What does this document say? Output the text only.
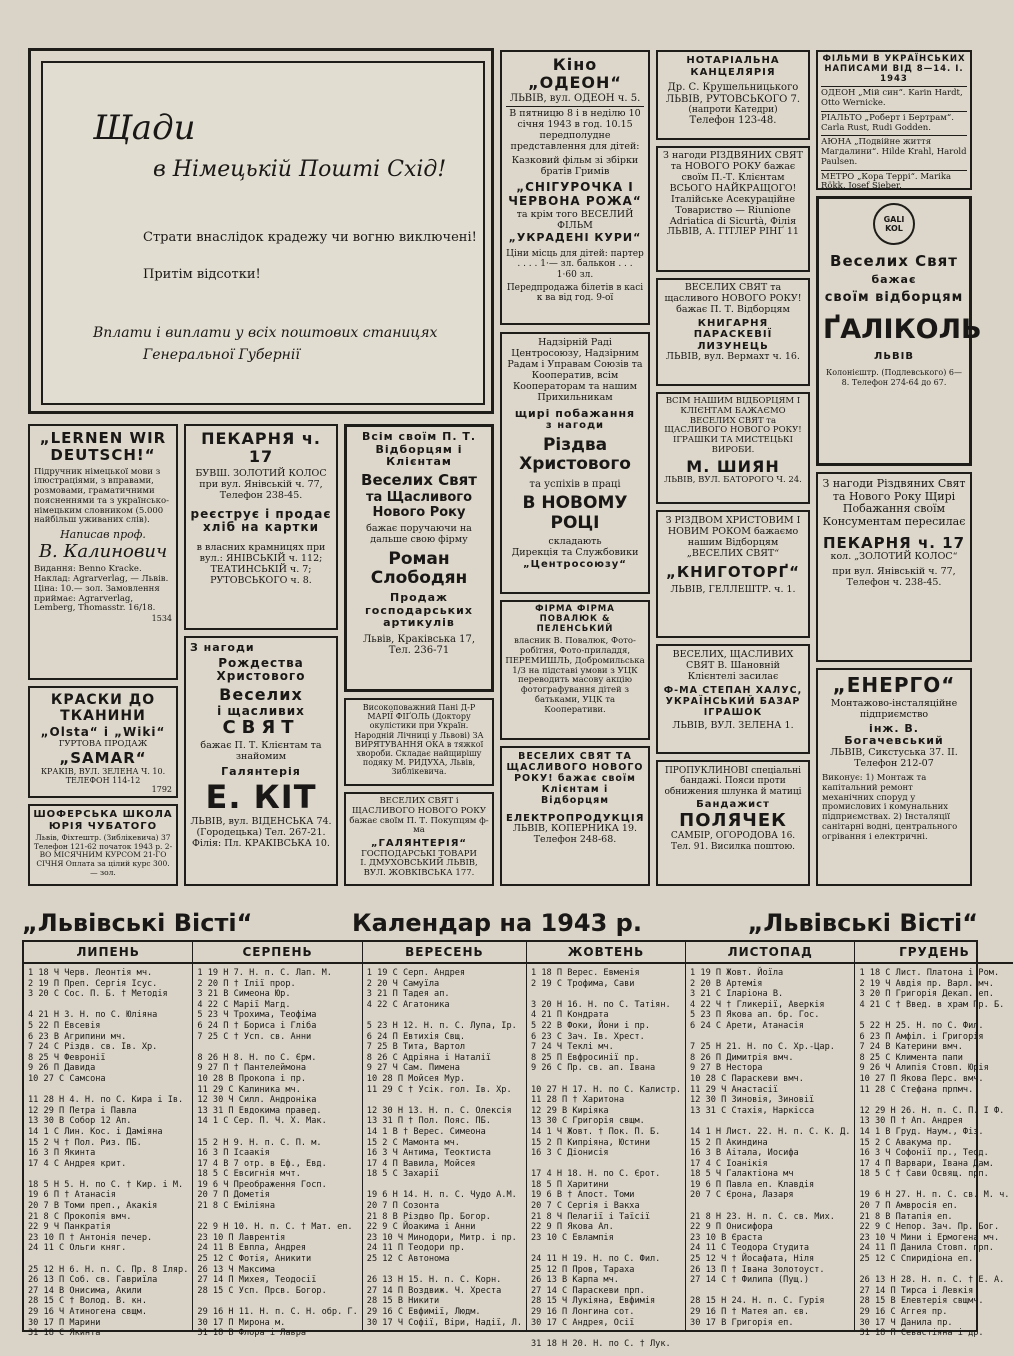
Щади

в Німецькій Пошті Схід!

Страти внаслідок крадежу чи вогню виключені!

Притім відсотки!

Вплати і виплати у всіх поштових станицях

Генеральної Губернії

Кіно „ОДЕОН“

ЛЬВІВ, вул. ОДЕОН ч. 5.

В пятницю 8 і в неділю 10 січня 1943 в год. 10.15 передполудне представлення для дітей:

Казковий фільм зі збірки братів Гримів

„СНІГУРОЧКА І ЧЕРВОНА РОЖА“

та крім того ВЕСЕЛИЙ ФІЛЬМ

„УКРАДЕНІ КУРИ“

Ціни місць для дітей: партер . . . . 1·— зл. балькон . . . 1·60 зл.

Передпродажа білетів в касі к ва від год. 9-ої

НОТАРІАЛЬНА КАНЦЕЛЯРІЯ

Др. С. Крушельницького

ЛЬВІВ, РУТОВСЬКОГО 7.

(напроти Катедри)

Телефон 123-48.

ФІЛЬМИ В УКРАЇНСЬКИХ НАПИСАМИ ВІД 8—14. І. 1943

ОДЕОН „Мій син“. Karin Hardt, Otto Wernicke.

РІАЛЬТО „Роберт і Бертрам“. Carla Rust, Rudi Godden.

АЮНА „Подвійне життя Магдалини“. Hilde Krahl, Harold Paulsen.

МЕТРО „Кора Террі“. Marika Rökk, Josef Sieber.

З нагоди РІЗДВЯНИХ СВЯТ та НОВОГО РОКУ бажає своїм П.-Т. Клієнтам ВСЬОГО НАЙКРАЩОГО! Італійське Асекураційне Товариство — Riunione Adriatica di Sicurtà, Філія ЛЬВІВ, А. ГІТЛЕР РІНҐ 11

ВЕСЕЛИХ СВЯТ та щасливого НОВОГО РОКУ! бажає П. Т. Відборцям

КНИГАРНЯ ПАРАСКЕВІЇ ЛИЗУНЕЦЬ

ЛЬВІВ, вул. Вермахт ч. 16.

GALI KOL

Веселих Свят

бажає

своїм відборцям

ҐАЛІКОЛЬ

ЛЬВІВ

Колонієштр. (Подлевського) 6—8. Телефон 274-64 до 67.

Надзірній Раді Центросоюзу, Надзірним Радам і Управам Союзів та Кооператив, всім Кооператорам та нашим Прихильникам

щирі побажання

з нагоди

Різдва Христового

та успіхів в праці

В НОВОМУ РОЦІ

складають

Дирекція та Службовики

„Центросоюзу“

ВСІМ НАШИМ ВІДБОРЦЯМ І КЛІЄНТАМ БАЖАЄМО ВЕСЕЛИХ СВЯТ та ЩАСЛИВОГО НОВОГО РОКУ! ІГРАШКИ ТА МИСТЕЦЬКІ ВИРОБИ.

М. ШИЯН

ЛЬВІВ, ВУЛ. БАТОРОГО Ч. 24. З нагоди Різдвяних Свят та Нового Року Щирі Побажання своїм Консументам пересилає

ПЕКАРНЯ ч. 17

кол. „ЗОЛОТИЙ КОЛОС“

при вул. Янівській ч. 77, Телефон ч. 238-45.

„LERNEN WIR DEUTSCH!“

Підручник німецької мови з ілюстраціями, з вправами, розмовами, граматичними поясненнями та з українсько-німецьким словником (5.000 найбільш уживаних слів).

Написав проф.

В. Калинович

Видання: Benno Kracke. Наклад: Agrarverlag, — Львів. Ціна: 10.— зол. Замовлення приймає: Agrarverlag, Lemberg, Thomasstr. 16/18.

1534

ПЕКАРНЯ ч. 17

БУВШ. ЗОЛОТИЙ КОЛОС при вул. Янівській ч. 77, Телефон 238-45.

реєструє і продає хліб на картки

в власних крамницях при вул.: ЯНІВСЬКІЙ ч. 112; ТЕАТИНСЬКІЙ ч. 7; РУТОВСЬКОГО ч. 8.

Всім своїм П. Т. Відборцям і Клієнтам

Веселих Свят

та Щасливого Нового Року

бажає поручаючи на дальше свою фірму

Роман Слободян

Продаж господарських артикулів

Львів, Краківська 17, Тел. 236-71

З РІЗДВОМ ХРИСТОВИМ І НОВИМ РОКОМ бажаємо нашим Відборцям „ВЕСЕЛИХ СВЯТ“

„КНИГОТОРҐ“

ЛЬВІВ, ГЕЛЛЕШТР. ч. 1.

ФІРМА ФІРМА ПОВАЛЮК & ПЕЛЕНСЬКИЙ

власник В. Повалюк, Фото-робітня, Фото-приладдя, ПЕРЕМИШЛЬ, Добромильська 1/3 на підставі умови з УЦК переводить масову акцію фотографування дітей з батьками, УЦК та Кооперативи.

КРАСКИ ДО ТКАНИНИ

„Olsta“ і „Wiki“

ГУРТОВА ПРОДАЖ

„SAMAR“

КРАКІВ, ВУЛ. ЗЕЛЕНА Ч. 10. ТЕЛЕФОН 114-12

1792

З нагоди

Рождества Христового

Веселих

і щасливих

СВЯТ

бажає П. Т. Клієнтам та знайомим

Галянтерія

Е. КІТ

ЛЬВІВ, вул. ВІДЕНСЬКА 74. (Городецька) Тел. 267-21. Філія: Пл. КРАКІВСЬКА 10.

Високоповажний Пані Д-Р МАРІЇ ФІҐОЛЬ (Доктору окулістики при Україн. Народній Лічниці у Львові) ЗА ВИРЯТУВАННЯ ОКА в тяжкої хвороби. Складає найщирішу подяку М. РИДУХА, Львів, Зиблікевича.

ВЕСЕЛИХ СВЯТ ТА ЩАСЛИВОГО НОВОГО РОКУ! бажає своїм Клієнтам і Відборцям

ЕЛЕКТРОПРОДУКЦІЯ

ЛЬВІВ, КОПЕРНИКА 19. Телефон 248-68.

ВЕСЕЛИХ, ЩАСЛИВИХ СВЯТ В. Шановній Клієнтелі засилає

Ф-МА СТЕПАН ХАЛУС, УКРАЇНСЬКИЙ БАЗАР ІГРАШОК

ЛЬВІВ, ВУЛ. ЗЕЛЕНА 1.

„ЕНЕРГО“

Монтажово-інсталяційне підприємство

інж. В. Богачевський

ЛЬВІВ, Сикстуська 37. ІІ. Телефон 212-07

Виконує: 1) Монтаж та капітальний ремонт механічних споруд у промислових і комунальних підприємствах. 2) Інсталяції санітарні водні, центрального огрівання і електричні.

ШОФЕРСЬКА ШКОЛА ЮРІЯ ЧУБАТОГО

Львів, Фіхтештр. (Зиблікевича) 37 Телефон 121-62 початок 1943 р. 2-ВО МІСЯЧНИМ КУРСОМ 21-ГО СІЧНЯ Оплата за цілий курс 300.— зол.

ВЕСЕЛИХ СВЯТ і ЩАСЛИВОГО НОВОГО РОКУ бажає своїм П. Т. Покупцям ф-ма

„ГАЛЯНТЕРІЯ“

ГОСПОДАРСЬКІ ТОВАРИ

І. ДМУХОВСЬКИЙ ЛЬВІВ, ВУЛ. ЖОВКІВСЬКА 177.

ПРОПУКЛИНОВІ спеціальні бандажі. Пояси проти обнижения шлунка й матиці

Бандажист

ПОЛЯЧЕК

САМБІР, ОГОРОДОВА 16. Тел. 91. Висилка поштою.

„Львівські Вісті“	Календар на 1943 р.	„Львівські Вісті“
ЛИПЕНЬ
1 18 Ч Черв. Леонтія мч.
2 19 П Преп. Сергія Ісус.
3 20 С Сос. П. Б. † Методія

4 21 Н 3. Н. по С. Юліяна
5 22 П Евсевія
6 23 В Агрипини мч.
7 24 С Різдв. св. Ів. Хр.
8 25 Ч Февронії
9 26 П Давида
10 27 С Самсона

11 28 Н 4. Н. по С. Кира і Ів.
12 29 П Петра і Павла
13 30 В Собор 12 Ап.
14 1 С Лин. Кос. і Даміяна
15 2 Ч † Пол. Риз. ПБ.
16 3 П Якинта
17 4 С Андрея крит.

18 5 Н 5. Н. по С. † Кир. і М.
19 6 П † Атанасія
20 7 В Томи преп., Акакія
21 8 С Прокопія вмч.
22 9 Ч Панкратія
23 10 П † Антонія печер.
24 11 С Ольги княг.

25 12 Н 6. Н. п. С. Пр. 8 Іляр.
26 13 П Соб. св. Гавриїла
27 14 В Онисима, Акили
28 15 С † Волод. В. кн.
29 16 Ч Атиногена свщм.
30 17 П Марини
31 18 С Якинта
СЕРПЕНЬ
1 19 Н 7. Н. п. С. Лап. М.
2 20 П † Ілії прор.
3 21 В Симеона Юр.
4 22 С Марії Магд.
5 23 Ч Трохима, Теофіма
6 24 П † Бориса і Гліба
7 25 С † Усп. св. Анни

8 26 Н 8. Н. по С. Єрм.
9 27 П † Пантелеймона
10 28 В Прокопа і пр.
11 29 С Калиника мч.
12 30 Ч Силл. Андроніка
13 31 П Евдокима правед.
14 1 С Сер. П. Ч. Х. Мак.

15 2 Н 9. Н. п. С. П. м.
16 3 П Ісаакія
17 4 В 7 отр. в Еф., Евд.
18 5 С Евсигнія мчт.
19 6 Ч Преображення Госп.
20 7 П Дометія
21 8 С Емілiяна

22 9 Н 10. Н. п. С. † Мат. еп.
23 10 П Лаврентія
24 11 В Евпла, Андрея
25 12 С Фотія, Аникити
26 13 Ч Максима
27 14 П Михея, Теодосії
28 15 С Усп. Прсв. Богор.

29 16 Н 11. Н. п. С. Н. обр. Г.
30 17 П Мирона м.
31 18 В Флора і Лавра
ВЕРЕСЕНЬ
1 19 С Серп. Андрея
2 20 Ч Самуїла
3 21 П Тадея ап.
4 22 С Агатоника

5 23 Н 12. Н. п. С. Лупа, Ір.
6 24 П Евтихія Свщ.
7 25 В Тита, Вартол
8 26 С Адріяна і Наталії
9 27 Ч Сам. Пимена
10 28 П Мойсея Мур.
11 29 С † Усік. гол. Ів. Хр.

12 30 Н 13. Н. п. С. Олексія
13 31 П † Пол. Пояс. ПБ.
14 1 В † Верес. Симеона
15 2 С Мамонта мч.
16 3 Ч Антима, Теоктиста
17 4 П Вавила, Мойсея
18 5 С Захарії

19 6 Н 14. Н. п. С. Чудо А.М.
20 7 П Созонта
21 8 В Різдво Пр. Богор.
22 9 С Йоакима і Анни
23 10 Ч Минодори, Митр. і пр.
24 11 П Теодори пр.
25 12 С Автонома

26 13 Н 15. Н. п. С. Корн.
27 14 П Воздвиж. Ч. Хреста
28 15 В Никити
29 16 С Евфимії, Людм.
30 17 Ч Софії, Віри, Надії, Л.
ЖОВТЕНЬ
1 18 П Верес. Евменія
2 19 С Трофима, Сави

3 20 Н 16. Н. по С. Татіян.
4 21 П Кондрата
5 22 В Фоки, Йони і пр.
6 23 С Зач. Ів. Хрест.
7 24 Ч Теклі мч.
8 25 П Евфросинії пр.
9 26 С Пр. св. ап. Івана

10 27 Н 17. Н. по С. Калистр.
11 28 П † Харитона
12 29 В Киріяка
13 30 С Григорія свщм.
14 1 Ч Жовт. † Пок. П. Б.
15 2 П Кипріяна, Юстини
16 3 С Діонисія

17 4 Н 18. Н. по С. Єрот.
18 5 П Харитини
19 6 В † Апост. Томи
20 7 С Сергія і Вакха
21 8 Ч Пелагії і Таїсії
22 9 П Якова Ал.
23 10 С Евлампія

24 11 Н 19. Н. по С. Фил.
25 12 П Пров, Тараха
26 13 В Карпа мч.
27 14 С Параскеви прп.
28 15 Ч Лукіяна, Евфимія
29 16 П Лонгина сот.
30 17 С Андрея, Осії

31 18 Н 20. Н. по С. † Лук.
ЛИСТОПАД
1 19 П Жовт. Йоїла
2 20 В Артемія
3 21 С Іларіона В.
4 22 Ч † Гликерії, Аверкія
5 23 П Якова ап. бр. Гос.
6 24 С Арети, Атанасія

7 25 Н 21. Н. по С. Хр.-Цар.
8 26 П Димитрія вмч.
9 27 В Нестора
10 28 С Параскеви вмч.
11 29 Ч Анастасії
12 30 П Зиновія, Зиновії
13 31 С Стахія, Наркісса

14 1 Н Лист. 22. Н. п. С. К. Д.
15 2 П Акиндина
16 3 В Аітала, Иосифа
17 4 С Іоанікія
18 5 Ч Галактіона мч
19 6 П Павла еп. Клавдія
20 7 С Єрона, Лазаря

21 8 Н 23. Н. п. С. св. Мих.
22 9 П Онисифора
23 10 В Єраста
24 11 С Теодора Студита
25 12 Ч † Йосафата, Ніля
26 13 П † Івана Золотоуст.
27 14 С † Филипа (Пущ.)

28 15 Н 24. Н. п. С. Гурія
29 16 П † Матея ап. єв.
30 17 В Григорія еп.
ГРУДЕНЬ
1 18 С Лист. Платона і Ром.
2 19 Ч Авдія пр. Варл. мч.
3 20 П Григорія Декап. еп.
4 21 С † Введ. в храм Пр. Б.

5 22 Н 25. Н. по С. Фил.
6 23 П Амфіл. і Григорія
7 24 В Катерини вмч.
8 25 С Климента папи
9 26 Ч Алипія Стовп. Юрія
10 27 П Якова Перс. вмч.
11 28 С Стефана прпмч.

12 29 Н 26. Н. п. С. П. І Ф.
13 30 П † Ап. Андрея
14 1 В Груд. Наум., Фіз.
15 2 С Авакума пр.
16 3 Ч Софонії пр., Теод.
17 4 П Варвари, Івана Дам.
18 5 С † Сави Освящ. прп.

19 6 Н 27. Н. п. С. св. М. ч.
20 7 П Амвросія еп.
21 8 В Патапія еп.
22 9 С Непор. Зач. Пр. Бог.
23 10 Ч Мини і Ермогена мч.
24 11 П Данила Стовп. прп.
25 12 С Спиридіона еп.

26 13 Н 28. Н. п. С. † Е. А.
27 14 П Тирса і Левкія
28 15 В Елевтерія свщмч.
29 16 С Аггея пр.
30 17 Ч Данила пр.
31 18 П Севастіяна і др.
